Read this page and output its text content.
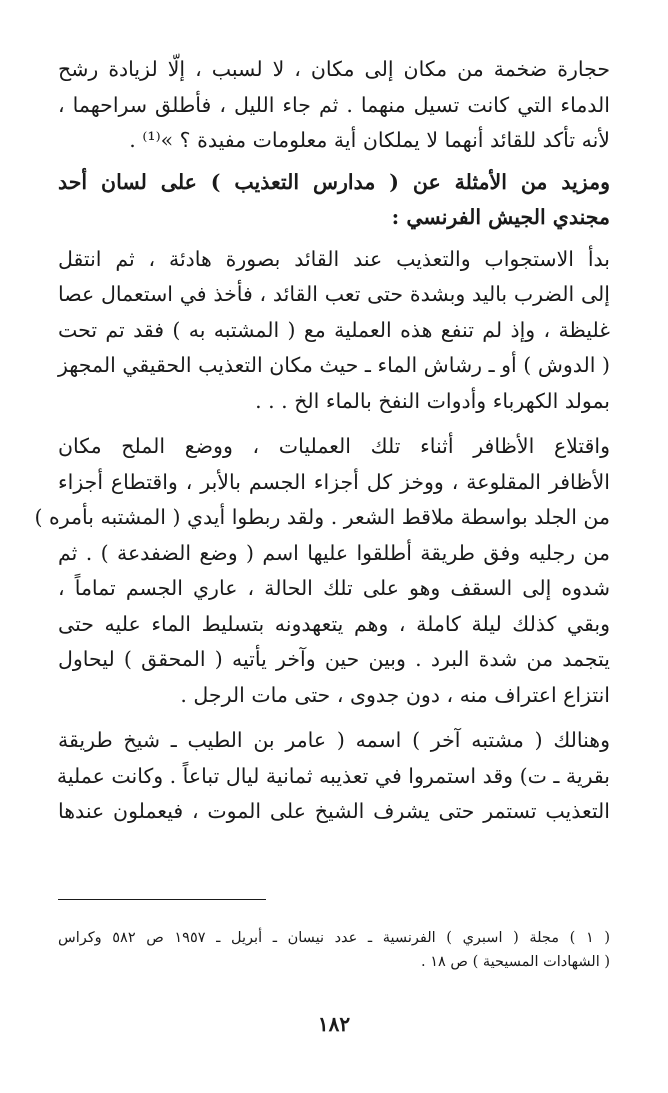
حجارة ضخمة من مكان إلى مكان ، لا لسبب ، إلّا لزيادة رشح
الدماء التي كانت تسيل منهما . ثم جاء الليل ، فأطلق سراحهما ،
لأنه تأكد للقائد أنهما لا يملكان أية معلومات مفيدة ؟ »⁽¹⁾ .
ومزيد من الأمثلة عن ( مدارس التعذيب ) على لسان أحد
مجندي الجيش الفرنسي :
بدأ الاستجواب والتعذيب عند القائد بصورة هادئة ، ثم انتقل
إلى الضرب باليد وبشدة حتى تعب القائد ، فأخذ في استعمال عصا
غليظة ، وإذ لم تنفع هذه العملية مع ( المشتبه به ) فقد تم تحت
( الدوش ) أو ـ رشاش الماء ـ حيث مكان التعذيب الحقيقي المجهز
بمولد الكهرباء وأدوات النفخ بالماء الخ . . .
واقتلاع الأظافر أثناء تلك العمليات ، ووضع الملح مكان
الأظافر المقلوعة ، ووخز كل أجزاء الجسم بالأبر ، واقتطاع أجزاء
من الجلد بواسطة ملاقط الشعر . ولقد ربطوا أيدي ( المشتبه بأمره )
من رجليه وفق طريقة أطلقوا عليها اسم ( وضع الضفدعة ) . ثم
شدوه إلى السقف وهو على تلك الحالة ، عاري الجسم تماماً ،
وبقي كذلك ليلة كاملة ، وهم يتعهدونه بتسليط الماء عليه حتى
يتجمد من شدة البرد . وبين حين وآخر يأتيه ( المحقق ) ليحاول
انتزاع اعتراف منه ، دون جدوى ، حتى مات الرجل .
وهنالك ( مشتبه آخر ) اسمه ( عامر بن الطيب ـ شيخ طريقة
بقرية ـ ت) وقد استمروا في تعذيبه ثمانية ليال تباعاً . وكانت عملية
التعذيب تستمر حتى يشرف الشيخ على الموت ، فيعملون عندها
( ١ ) مجلة ( اسبري ) الفرنسية ـ عدد نيسان ـ أبريل ـ ١٩٥٧ ص ٥٨٢ وكراس
( الشهادات المسيحية ) ص ١٨ .
١٨٢
